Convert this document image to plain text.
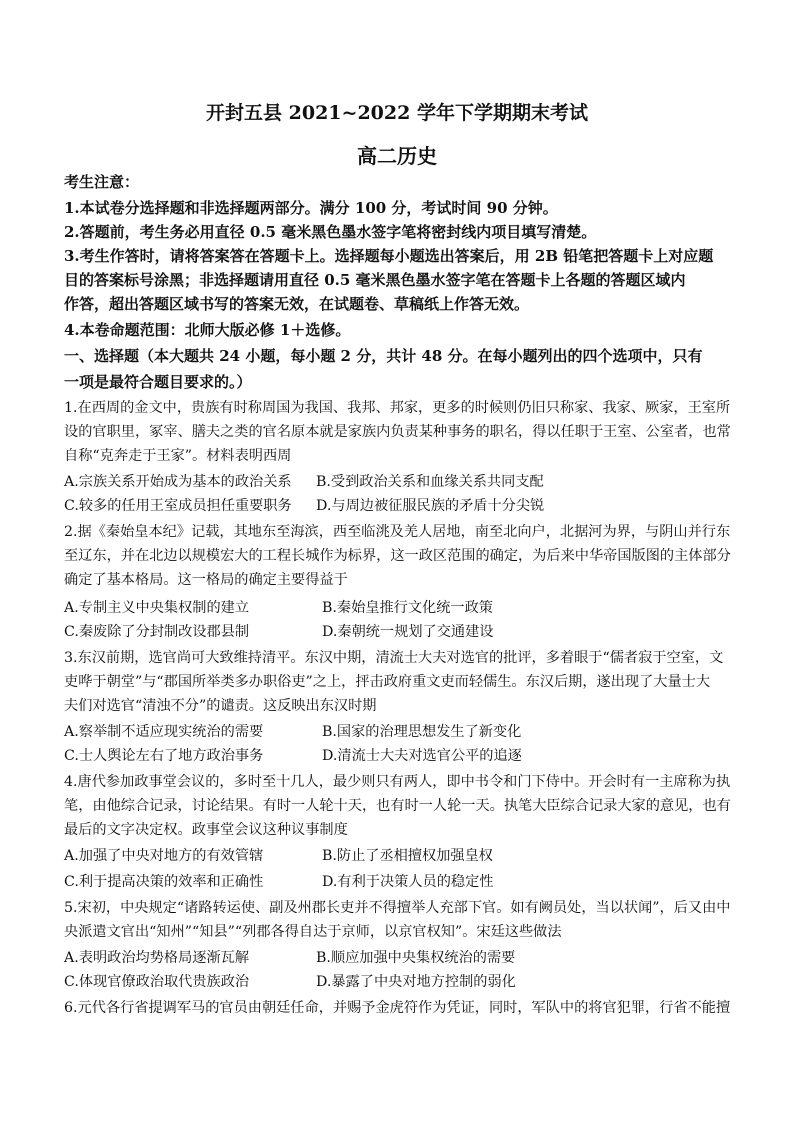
开封五县 2021~2022 学年下学期期末考试
高二历史
考生注意：
1.本试卷分选择题和非选择题两部分。满分 100 分，考试时间 90 分钟。
2.答题前，考生务必用直径 0.5 毫米黑色墨水签字笔将密封线内项目填写清楚。
3.考生作答时，请将答案答在答题卡上。选择题每小题选出答案后，用 2B 铅笔把答题卡上对应题
目的答案标号涂黑；非选择题请用直径 0.5 毫米黑色墨水签字笔在答题卡上各题的答题区域内
作答，超出答题区域书写的答案无效，在试题卷、草稿纸上作答无效。
4.本卷命题范围：北师大版必修 1＋选修。
一、选择题（本大题共 24 小题，每小题 2 分，共计 48 分。在每小题列出的四个选项中，只有
一项是最符合题目要求的。）
1.在西周的金文中，贵族有时称周国为我国、我邦、邦家，更多的时候则仍旧只称家、我家、厥家，王室所
设的官职里，冢宰、膳夫之类的官名原本就是家族内负责某种事务的职名，得以任职于王室、公室者，也常
自称“克奔走于王家”。材料表明西周
A.宗族关系开始成为基本的政治关系 B.受到政治关系和血缘关系共同支配
C.较多的任用王室成员担任重要职务 D.与周边被征服民族的矛盾十分尖锐
2.据《秦始皇本纪》记载，其地东至海滨，西至临洮及羌人居地，南至北向户，北据河为界，与阴山并行东
至辽东，并在北边以规模宏大的工程长城作为标界，这一政区范围的确定，为后来中华帝国版图的主体部分
确定了基本格局。这一格局的确定主要得益于
A.专制主义中央集权制的建立	B.秦始皇推行文化统一政策
C.秦废除了分封制改设郡县制	D.秦朝统一规划了交通建设
3.东汉前期，选官尚可大致维持清平。东汉中期，清流士大夫对选官的批评，多着眼于“儒者寂于空室，文
吏哗于朝堂”与“郡国所举类多办职俗吏”之上，抨击政府重文吏而轻儒生。东汉后期，遂出现了大量士大
夫们对选官“清浊不分”的谴责。这反映出东汉时期
A.察举制不适应现实统治的需要	B.国家的治理思想发生了新变化
C.士人舆论左右了地方政治事务	D.清流士大夫对选官公平的追逐
4.唐代参加政事堂会议的，多时至十几人，最少则只有两人，即中书令和门下侍中。开会时有一主席称为执
笔，由他综合记录，讨论结果。有时一人轮十天，也有时一人轮一天。执笔大臣综合记录大家的意见，也有
最后的文字决定权。政事堂会议这种议事制度
A.加强了中央对地方的有效管辖	B.防止了丞相擅权加强皇权
C.利于提高决策的效率和正确性	D.有利于决策人员的稳定性
5.宋初，中央规定“诸路转运使、副及州郡长吏并不得擅举人充部下官。如有阙员处，当以状闻”，后又由中
央派遣文官出“知州”“知县”“列郡各得自达于京师，以京官权知”。宋廷这些做法
A.表明政治均势格局逐渐瓦解	B.顺应加强中央集权统治的需要
C.体现官僚政治取代贵族政治	D.暴露了中央对地方控制的弱化
6.元代各行省提调军马的官员由朝廷任命，并赐予金虎符作为凭证，同时，军队中的将官犯罪，行省不能擅
